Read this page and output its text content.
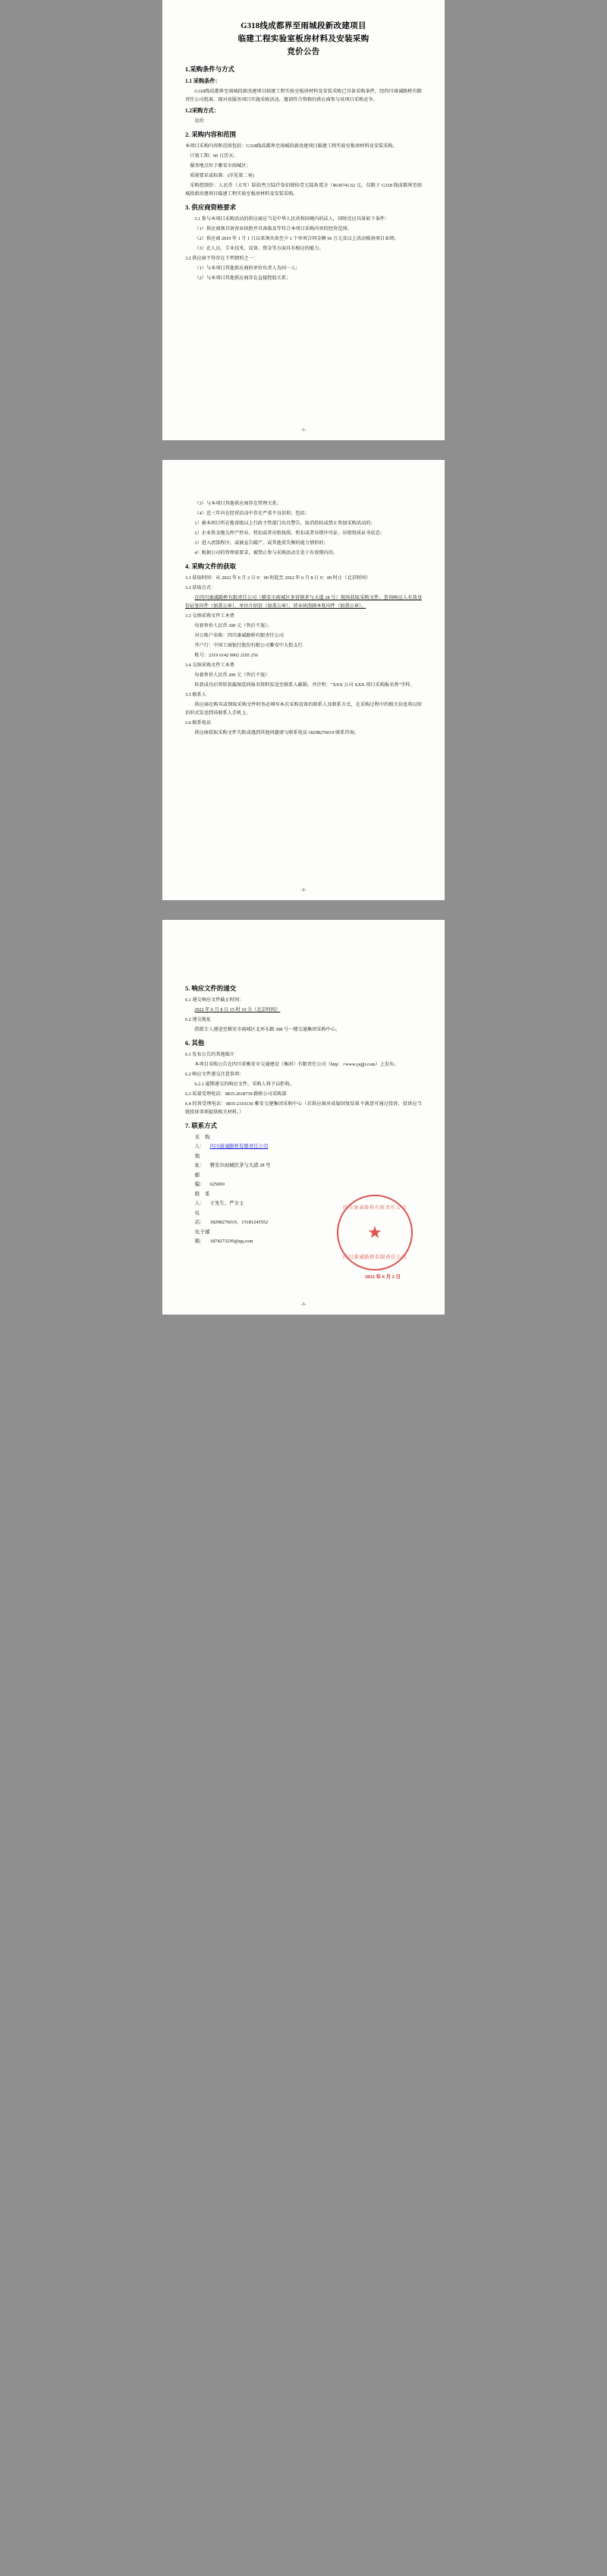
G318线成都界至雨城段新改建项目
临建工程实验室板房材料及安装采购
竞价公告
1.采购条件与方式
1.1 采购条件：

G318线成都界至雨城段新改建项目临建工程实验室板房材料及安装采购已具备采购条件，经四川康诚路桥有限责任公司批准，现对该服务项目实施采购活动，邀请符合资格的供应商参与该项目采购竞争。

1.2采购方式：

竞价

2. 采购内容和范围

本项目采购内容和范围包括：G318线成都界至雨城段新改建项目临建工程实验室板房材料及安装采购。

计划工期：60 日历天；

服务地点位于雅安市雨城区；

质量要求或标准：(详见第二章)

采购控制价：人民币（大写）陆拾叁万陆仟柒佰肆拾壹元陆角贰分（¥636741.62 元。仅限于 G318 线成都界至雨城段新改建项目临建工程实验室板房材料及安装采购。

3. 供应商资格要求

3.1 参与本项目采购活动的供应商应当是中华人民共和国境内的法人，同时还应具备如下条件：

（1）供应商须具备营业执照并具备临及等符合本项目采购内容的经营范围；

（2）供应商 2019 年 1 月 1 日以来须具备至少 1 个单项合同金额 50 万元及以上活动板房项目业绩；

（3）在人员、专业技术、设备、资金等方面具有相应的能力。

3.2 供应商不得存在下列情形之一：

（1）与本项目其他供应商的单位负责人为同一人；

（2）与本项目其他供应商存在直接控股关系；

-1-

（3）与本项目其他供应商存在管理关系；

（4）近三年内在经营活动中存在严重不良信形；包括：

1）被本项目所在地省级以上行政主管部门出具警告、取消投标或禁止参加采购活动的；

2）企业资金拖欠停产停业、暂扣或者吊销执照、暂扣或者吊销许可证、吊销资质证书状态；

3）进入清算程序、或被宣告破产、或其他重失衡的能力情形的；

4）根据公司的管理需要求，被禁止参与采购活动且处于有效期内的。

4. 采购文件的获取

3.1 获取时间：从 2022 年 6 月 2 日 9：00 时起至 2022 年 6 月 8 日 9：00 时止（北京时间）

3.2 获取方式：

在四川康诚路桥有限责任公司（雅安市雨城区多营镇茅与大道 28 号）现场获取采购文件。查询响应人有效身份证复印件（加盖公章）、单位介绍信（加盖公章）、营业执照副本复印件（加盖公章）。

3.3 交纳采购文件工本费

每套售价人民币 200 元（售后不退）。

对公账户名称：四川康诚路桥有限责任公司

开户行：中国工商银行股份有限公司雅安中大街支行

账号：2319 6142 0902 2105 256

3.4 交纳采购文件工本费

每套售价人民币 200 元（售后不退）

转款成功后将转款截图连同报名资料发送至联系人邮箱，并注明："XXX 公司 XXX 项目采购报名费"字样。

3.5 联系人

供应商在购买或领取采购文件时务必填写本次采购设备的联系人及联系方式，在采购过程中的相关信息将以短信形式发送到该联系人手机上。

3.6 联系电话

供应商获取采购文件失败或遇到其他问题请与联系电话 18298276019 联系咨询。

-2-
5. 响应文件的递交

6.1 递交响应文件截止时间：

2022 年 6 月 8 日 15 时 10 分（北京时间）

6.2 递交地址

指派专人递送至雅安市雨城区北环东路 308 号一楼交通集团采购中心。

6. 其他

6.1 发布公告的其他媒介

本项目采购公告在四川省雅安市交通建设（集团）有限责任公司（http：//www.yajjjt.com）上发布。

6.2 响应文件递交注意事项：

6.2.1 逾期递交的响应文件，采购人将予以拒收。

6.3 质量受理电话：0835-2618739 路桥公司采购部

6.4 投诉受理电话：0835-2310136 雅安交建集团采购中心（若供应商对成疑回复结果不满意可通过投诉，投诉应当就投诉事项提供相关材料。）

7. 联系方式

采 购 人： 四川康诚路桥有限责任公司

地　　址： 雅安市雨城区茅与大道 28 号

邮　　编： 625000

联 系 人： 王先生、严女士

电　　话： 18298276019、15181245552

电子邮箱： 1874273230@qq.com

四川康诚路桥有限责任公司
★
四川康诚路桥有限责任公司
2022 年 6 月 2 日
-3-
